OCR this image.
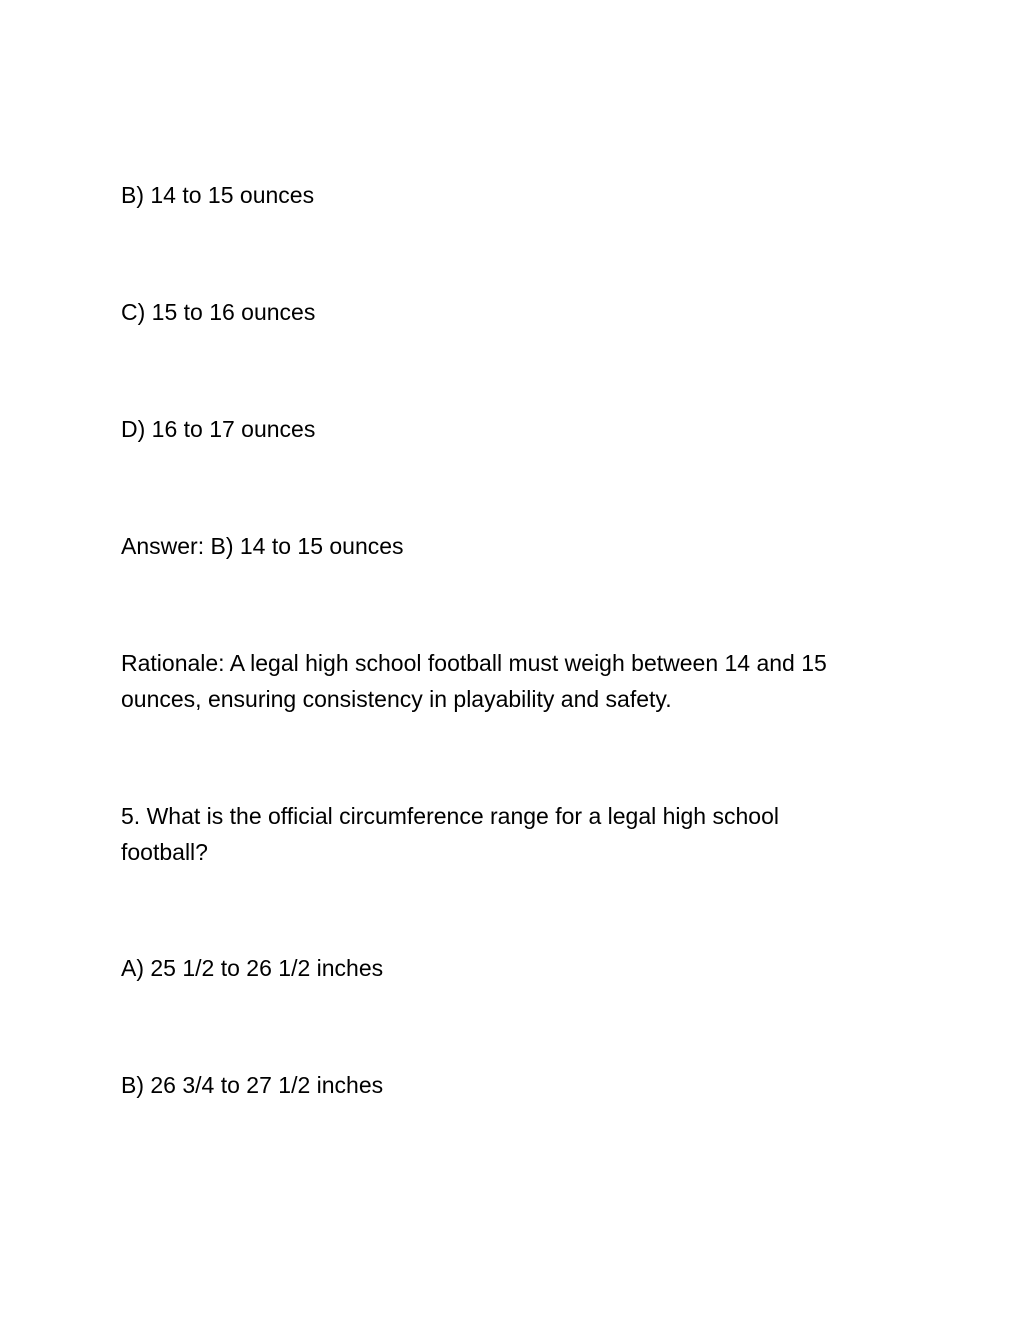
B) 14 to 15 ounces

C) 15 to 16 ounces

D) 16 to 17 ounces

Answer: B) 14 to 15 ounces

Rationale: A legal high school football must weigh between 14 and 15
ounces, ensuring consistency in playability and safety.

5. What is the official circumference range for a legal high school
football?

A) 25 1/2 to 26 1/2 inches

B) 26 3/4 to 27 1/2 inches
